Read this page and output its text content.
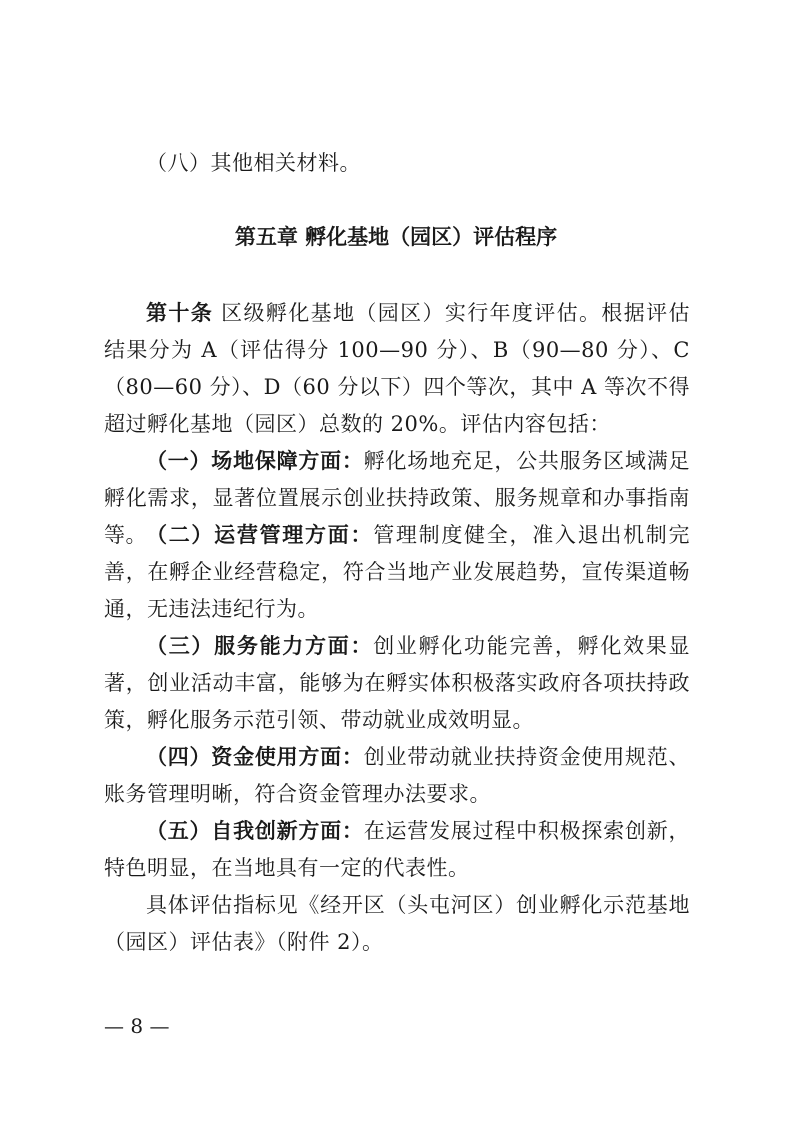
（八）其他相关材料。
第五章 孵化基地（园区）评估程序
第十条 区级孵化基地（园区）实行年度评估。根据评估结果分为 A（评估得分 100—90 分）、B（90—80 分）、C（80—60 分）、D（60 分以下）四个等次，其中 A 等次不得超过孵化基地（园区）总数的 20%。评估内容包括：
（一）场地保障方面：孵化场地充足，公共服务区域满足孵化需求，显著位置展示创业扶持政策、服务规章和办事指南等。 （二）运营管理方面：管理制度健全，准入退出机制完善，在孵企业经营稳定，符合当地产业发展趋势，宣传渠道畅通，无违法违纪行为。
（三）服务能力方面：创业孵化功能完善，孵化效果显著，创业活动丰富，能够为在孵实体积极落实政府各项扶持政策，孵化服务示范引领、带动就业成效明显。
（四）资金使用方面：创业带动就业扶持资金使用规范、账务管理明晰，符合资金管理办法要求。
（五）自我创新方面：在运营发展过程中积极探索创新，特色明显，在当地具有一定的代表性。
具体评估指标见《经开区（头屯河区）创业孵化示范基地（园区）评估表》（附件 2）。
— 8 —
